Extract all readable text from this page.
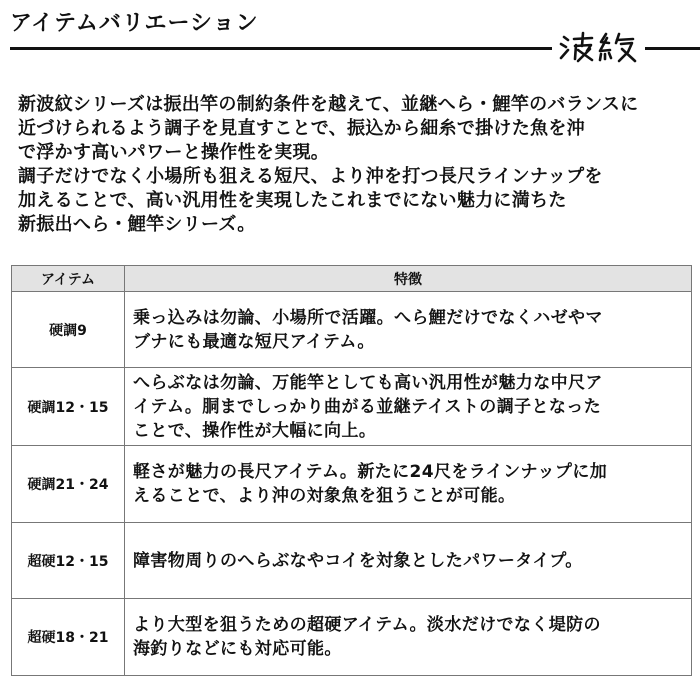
アイテムバリエーション
新波紋シリーズは振出竿の制約条件を越えて、並継へら・鯉竿のバランスに
近づけられるよう調子を見直すことで、振込から細糸で掛けた魚を沖
で浮かす高いパワーと操作性を実現。
調子だけでなく小場所も狙える短尺、より沖を打つ長尺ラインナップを
加えることで、高い汎用性を実現したこれまでにない魅力に満ちた
新振出へら・鯉竿シリーズ。
アイテム	特徴
硬調9	乗っ込みは勿論、小場所で活躍。へら鯉だけでなくハゼやマ
ブナにも最適な短尺アイテム。

硬調12・15	へらぶなは勿論、万能竿としても高い汎用性が魅力な中尺ア
イテム。胴までしっかり曲がる並継テイストの調子となった
ことで、操作性が大幅に向上。

硬調21・24	軽さが魅力の長尺アイテム。新たに24尺をラインナップに加
えることで、より沖の対象魚を狙うことが可能。

超硬12・15	障害物周りのへらぶなやコイを対象としたパワータイプ。

超硬18・21	より大型を狙うための超硬アイテム。淡水だけでなく堤防の
海釣りなどにも対応可能。
